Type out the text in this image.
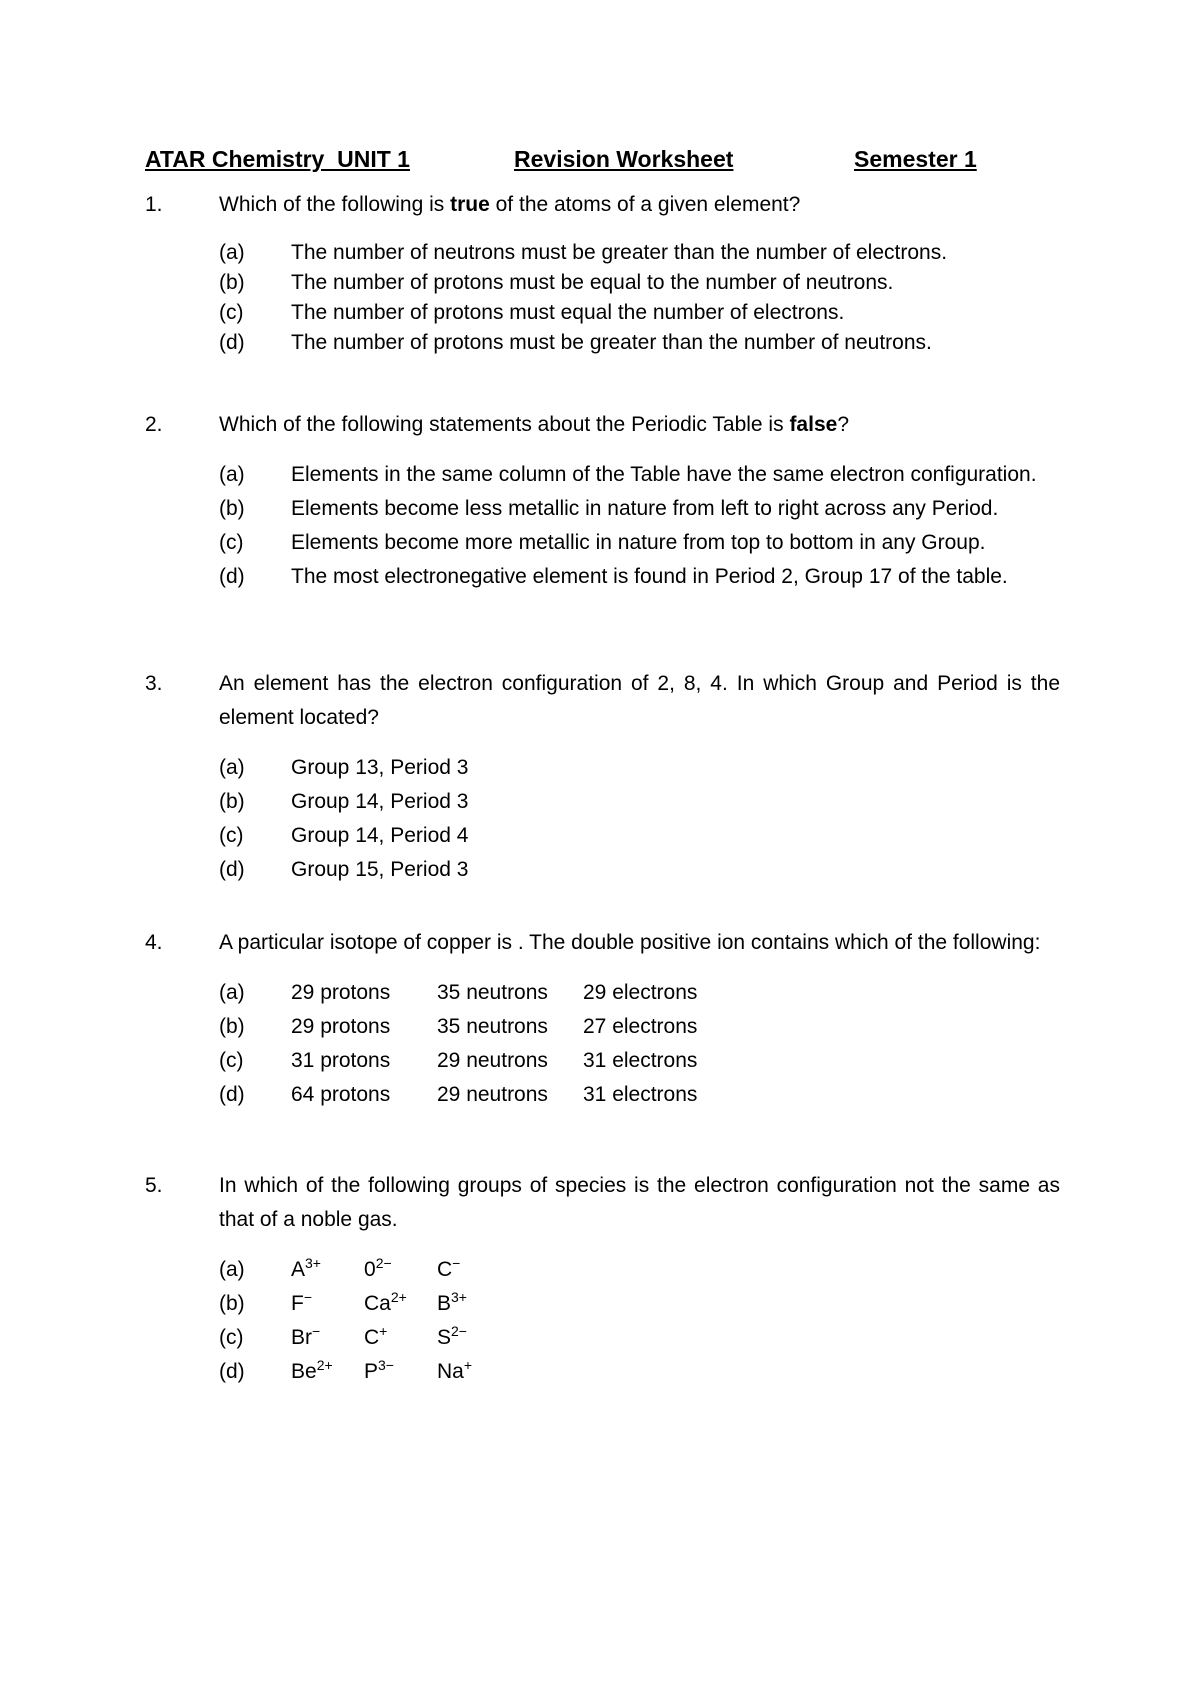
ATAR Chemistry  UNIT 1	Revision Worksheet	Semester 1
1.	Which of the following is true of the atoms of a given element?
(a) The number of neutrons must be greater than the number of electrons.
(b) The number of protons must be equal to the number of neutrons.
(c) The number of protons must equal the number of electrons.
(d) The number of protons must be greater than the number of neutrons.
2.	Which of the following statements about the Periodic Table is false?
(a) Elements in the same column of the Table have the same electron configuration.
(b) Elements become less metallic in nature from left to right across any Period.
(c) Elements become more metallic in nature from top to bottom in any Group.
(d) The most electronegative element is found in Period 2, Group 17 of the table.
3.	An element has the electron configuration of 2, 8, 4. In which Group and Period is the element located?
(a) Group 13, Period 3
(b) Group 14, Period 3
(c) Group 14, Period 4
(d) Group 15, Period 3
4.	A particular isotope of copper is . The double positive ion contains which of the following:
(a) 29 protons 35 neutrons 29 electrons
(b) 29 protons 35 neutrons 27 electrons
(c) 31 protons 29 neutrons 31 electrons
(d) 64 protons 29 neutrons 31 electrons
5.	In which of the following groups of species is the electron configuration not the same as that of a noble gas.
(a) $A^{3+}$ $0^{2-}$ C−
(b) F− $Ca^{2+}$ $B^{3+}$
(c) Br− C+ $S^{2-}$
(d) $Be^{2+}$ $P^{3-}$ Na+
